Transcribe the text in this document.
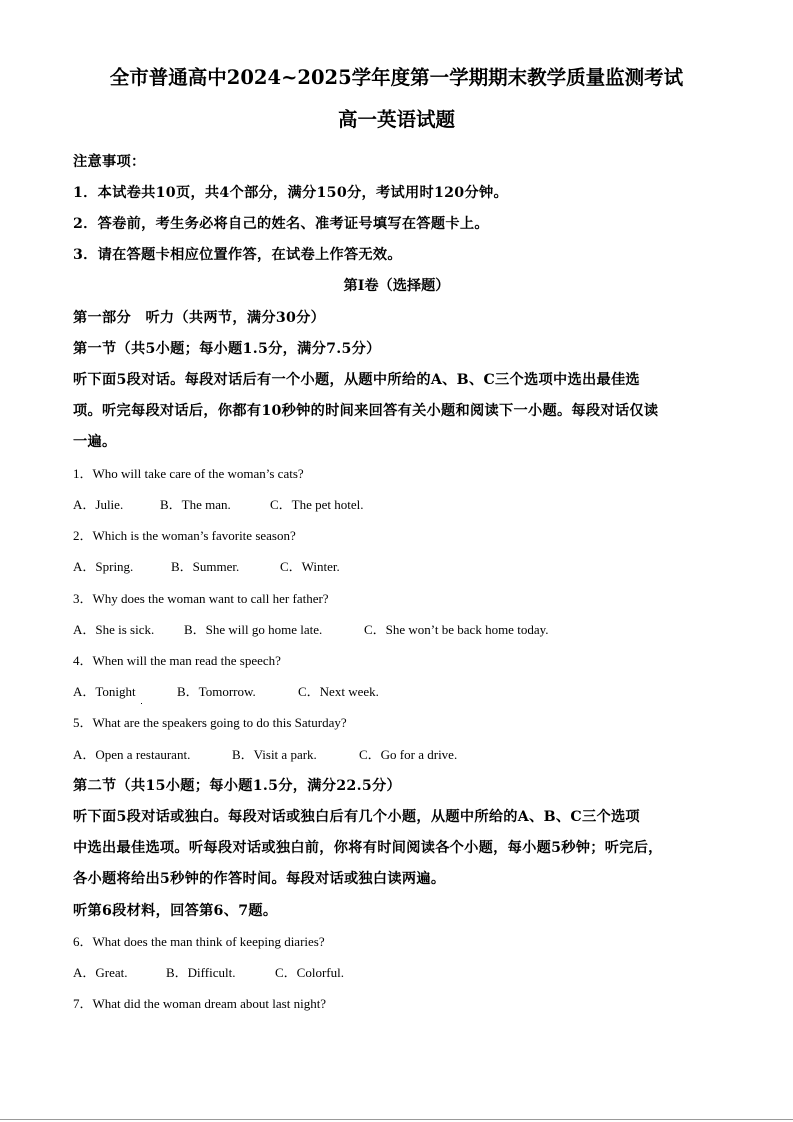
全市普通高中2024~2025学年度第一学期期末教学质量监测考试
高一英语试题
注意事项：
1．本试卷共10页，共4个部分，满分150分，考试用时120分钟。
2．答卷前，考生务必将自己的姓名、准考证号填写在答题卡上。
3．请在答题卡相应位置作答，在试卷上作答无效。
第I卷（选择题）
第一部分　听力（共两节，满分30分）
第一节（共5小题；每小题1.5分，满分7.5分）
听下面5段对话。每段对话后有一个小题，从题中所给的A、B、C三个选项中选出最佳选
项。听完每段对话后，你都有10秒钟的时间来回答有关小题和阅读下一小题。每段对话仅读
一遍。
1．Who will take care of the woman’s cats?
A．Julie.	B．The man.	C．The pet hotel.
2．Which is the woman’s favorite season?
A．Spring.	B．Summer.	C．Winter.
3．Why does the woman want to call her father?
A．She is sick. B．She will go home late.	C．She won’t be back home today.
4．When will the man read the speech?
A．Tonight	B．Tomorrow.	C．Next week.
5．What are the speakers going to do this Saturday?
A．Open a restaurant.	B．Visit a park.	C．Go for a drive.
第二节（共15小题；每小题1.5分，满分22.5分）
听下面5段对话或独白。每段对话或独白后有几个小题，从题中所给的A、B、C三个选项
中选出最佳选项。听每段对话或独白前，你将有时间阅读各个小题，每小题5秒钟；听完后，
各小题将给出5秒钟的作答时间。每段对话或独白读两遍。
听第6段材料，回答第6、7题。
6．What does the man think of keeping diaries?
A．Great.	B．Difficult.	C．Colorful.
7．What did the woman dream about last night?
